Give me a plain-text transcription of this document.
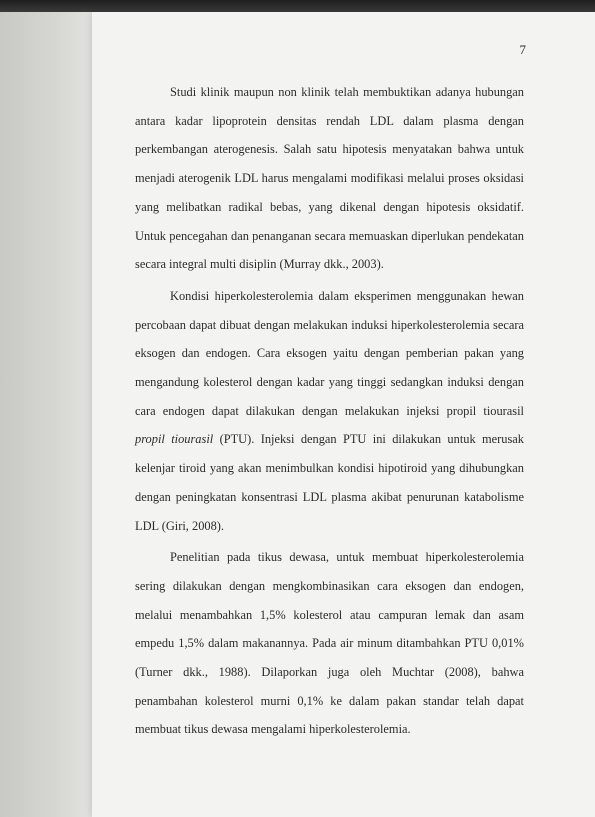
7

Studi klinik maupun non klinik telah membuktikan adanya hubungan antara kadar lipoprotein densitas rendah LDL dalam plasma dengan perkembangan aterogenesis. Salah satu hipotesis menyatakan bahwa untuk menjadi aterogenik LDL harus mengalami modifikasi melalui proses oksidasi yang melibatkan radikal bebas, yang dikenal dengan hipotesis oksidatif. Untuk pencegahan dan penanganan secara memuaskan diperlukan pendekatan secara integral multi disiplin (Murray dkk., 2003).

Kondisi hiperkolesterolemia dalam eksperimen menggunakan hewan percobaan dapat dibuat dengan melakukan induksi hiperkolesterolemia secara eksogen dan endogen. Cara eksogen yaitu dengan pemberian pakan yang mengandung kolesterol dengan kadar yang tinggi sedangkan induksi dengan cara endogen dapat dilakukan dengan melakukan injeksi propil tiourasil propil tiourasil (PTU). Injeksi dengan PTU ini dilakukan untuk merusak kelenjar tiroid yang akan menimbulkan kondisi hipotiroid yang dihubungkan dengan peningkatan konsentrasi LDL plasma akibat penurunan katabolisme LDL (Giri, 2008).

Penelitian pada tikus dewasa, untuk membuat hiperkolesterolemia sering dilakukan dengan mengkombinasikan cara eksogen dan endogen, melalui menambahkan 1,5% kolesterol atau campuran lemak dan asam empedu 1,5% dalam makanannya. Pada air minum ditambahkan PTU 0,01% (Turner dkk., 1988). Dilaporkan juga oleh Muchtar (2008), bahwa penambahan kolesterol murni 0,1% ke dalam pakan standar telah dapat membuat tikus dewasa mengalami hiperkolesterolemia.
